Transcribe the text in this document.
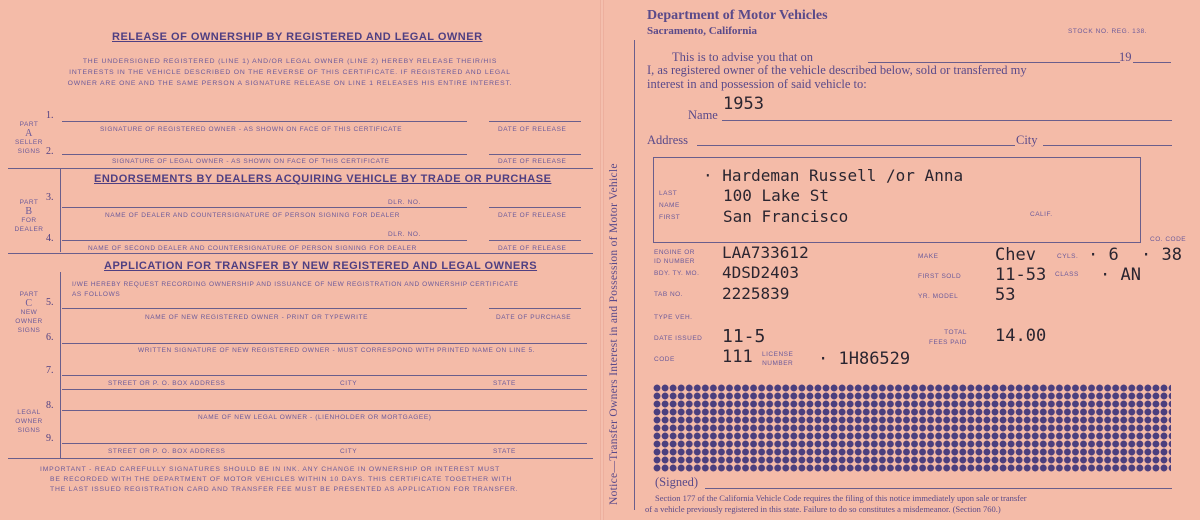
RELEASE OF OWNERSHIP BY REGISTERED AND LEGAL OWNER
THE UNDERSIGNED REGISTERED (LINE 1) AND/OR LEGAL OWNER (LINE 2) HEREBY RELEASE THEIR/HIS
INTERESTS IN THE VEHICLE DESCRIBED ON THE REVERSE OF THIS CERTIFICATE. IF REGISTERED AND LEGAL
OWNER ARE ONE AND THE SAME PERSON A SIGNATURE RELEASE ON LINE 1 RELEASES HIS ENTIRE INTEREST.
PART
A
SELLER
SIGNS
1.
SIGNATURE OF REGISTERED OWNER - AS SHOWN ON FACE OF THIS CERTIFICATE	DATE OF RELEASE
2.
SIGNATURE OF LEGAL OWNER - AS SHOWN ON FACE OF THIS CERTIFICATE	DATE OF RELEASE
ENDORSEMENTS BY DEALERS ACQUIRING VEHICLE BY TRADE OR PURCHASE
PART
B
FOR
DEALER
3.	DLR. NO.
NAME OF DEALER AND COUNTERSIGNATURE OF PERSON SIGNING FOR DEALER	DATE OF RELEASE
4.	DLR. NO.
NAME OF SECOND DEALER AND COUNTERSIGNATURE OF PERSON SIGNING FOR DEALER	DATE OF RELEASE
APPLICATION FOR TRANSFER BY NEW REGISTERED AND LEGAL OWNERS
I/WE HEREBY REQUEST RECORDING OWNERSHIP AND ISSUANCE OF NEW REGISTRATION AND OWNERSHIP CERTIFICATE
AS FOLLOWS
PART
C
NEW
OWNER
SIGNS
5.
NAME OF NEW REGISTERED OWNER - PRINT OR TYPEWRITE	DATE OF PURCHASE
6.
WRITTEN SIGNATURE OF NEW REGISTERED OWNER - MUST CORRESPOND WITH PRINTED NAME ON LINE 5.
7.
STREET OR P. O. BOX ADDRESS	CITY	STATE
LEGAL
OWNER
SIGNS
8.
NAME OF NEW LEGAL OWNER - (LIENHOLDER OR MORTGAGEE)
9.
STREET OR P. O. BOX ADDRESS	CITY	STATE
IMPORTANT - READ CAREFULLY SIGNATURES SHOULD BE IN INK. ANY CHANGE IN OWNERSHIP OR INTEREST MUST
BE RECORDED WITH THE DEPARTMENT OF MOTOR VEHICLES WITHIN 10 DAYS. THIS CERTIFICATE TOGETHER WITH
THE LAST ISSUED REGISTRATION CARD AND TRANSFER FEE MUST BE PRESENTED AS APPLICATION FOR TRANSFER.	Notice—Transfer Owners Interest in and Possession of Motor Vehicle
Department of Motor Vehicles
Sacramento, California	STOCK NO. REG. 138.
This is to advise you that on	19
I, as registered owner of the vehicle described below, sold or transferred my
interest in and possession of said vehicle to:
Name
1953
Address	City
LAST
NAME
FIRST
· Hardeman Russell /or Anna
100 Lake St
San Francisco	CALIF.
ENGINE OR
ID NUMBER LAA733612
BDY. TY. MO. 4DSD2403
TAB NO. 2225839
TYPE VEH.
DATE ISSUED 11-5
CODE	111 LICENSE
NUMBER · 1H86529
MAKE	Chev	CYLS. · 6
CO. CODE
· 38
FIRST SOLD 11-53 CLASS · AN
YR. MODEL 53
TOTAL
FEES PAID 14.00
(Signed)
Section 177 of the California Vehicle Code requires the filing of this notice immediately upon sale or transfer
of a vehicle previously registered in this state. Failure to do so constitutes a misdemeanor. (Section 760.)
